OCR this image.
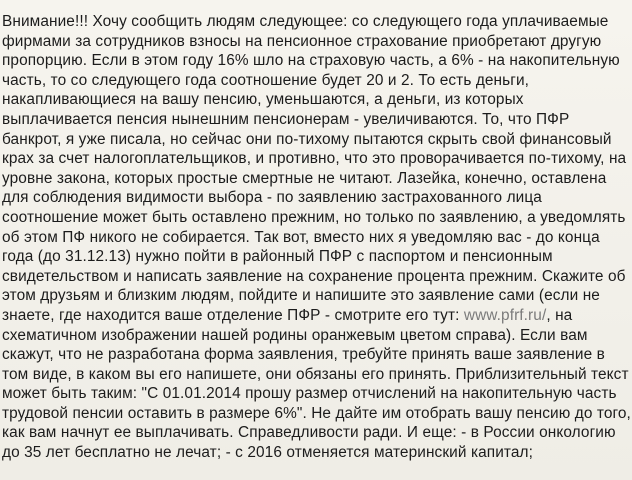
Внимание!!! Хочу сообщить людям следующее: со следующего года уплачиваемые
фирмами за сотрудников взносы на пенсионное страхование приобретают другую
пропорцию. Если в этом году 16% шло на страховую часть, а 6% - на накопительную
часть, то со следующего года соотношение будет 20 и 2. То есть деньги,
накапливающиеся на вашу пенсию, уменьшаются, а деньги, из которых
выплачивается пенсия нынешним пенсионерам - увеличиваются. То, что ПФР
банкрот, я уже писала, но сейчас они по-тихому пытаются скрыть свой финансовый
крах за счет налогоплательщиков, и противно, что это проворачивается по-тихому, на
уровне закона, которых простые смертные не читают. Лазейка, конечно, оставлена
для соблюдения видимости выбора - по заявлению застрахованного лица
соотношение может быть оставлено прежним, но только по заявлению, а уведомлять
об этом ПФ никого не собирается. Так вот, вместо них я уведомляю вас - до конца
года (до 31.12.13) нужно пойти в районный ПФР с паспортом и пенсионным
свидетельством и написать заявление на сохранение процента прежним. Скажите об
этом друзьям и близким людям, пойдите и напишите это заявление сами (если не
знаете, где находится ваше отделение ПФР - смотрите его тут: www.pfrf.ru/, на
схематичном изображении нашей родины оранжевым цветом справа). Если вам
скажут, что не разработана форма заявления, требуйте принять ваше заявление в
том виде, в каком вы его напишете, они обязаны его принять. Приблизительный текст
может быть таким: "С 01.01.2014 прошу размер отчислений на накопительную часть
трудовой пенсии оставить в размере 6%". Не дайте им отобрать вашу пенсию до того,
как вам начнут ее выплачивать. Справедливости ради. И еще: - в России онкологию
до 35 лет бесплатно не лечат; - с 2016 отменяется материнский капитал;
